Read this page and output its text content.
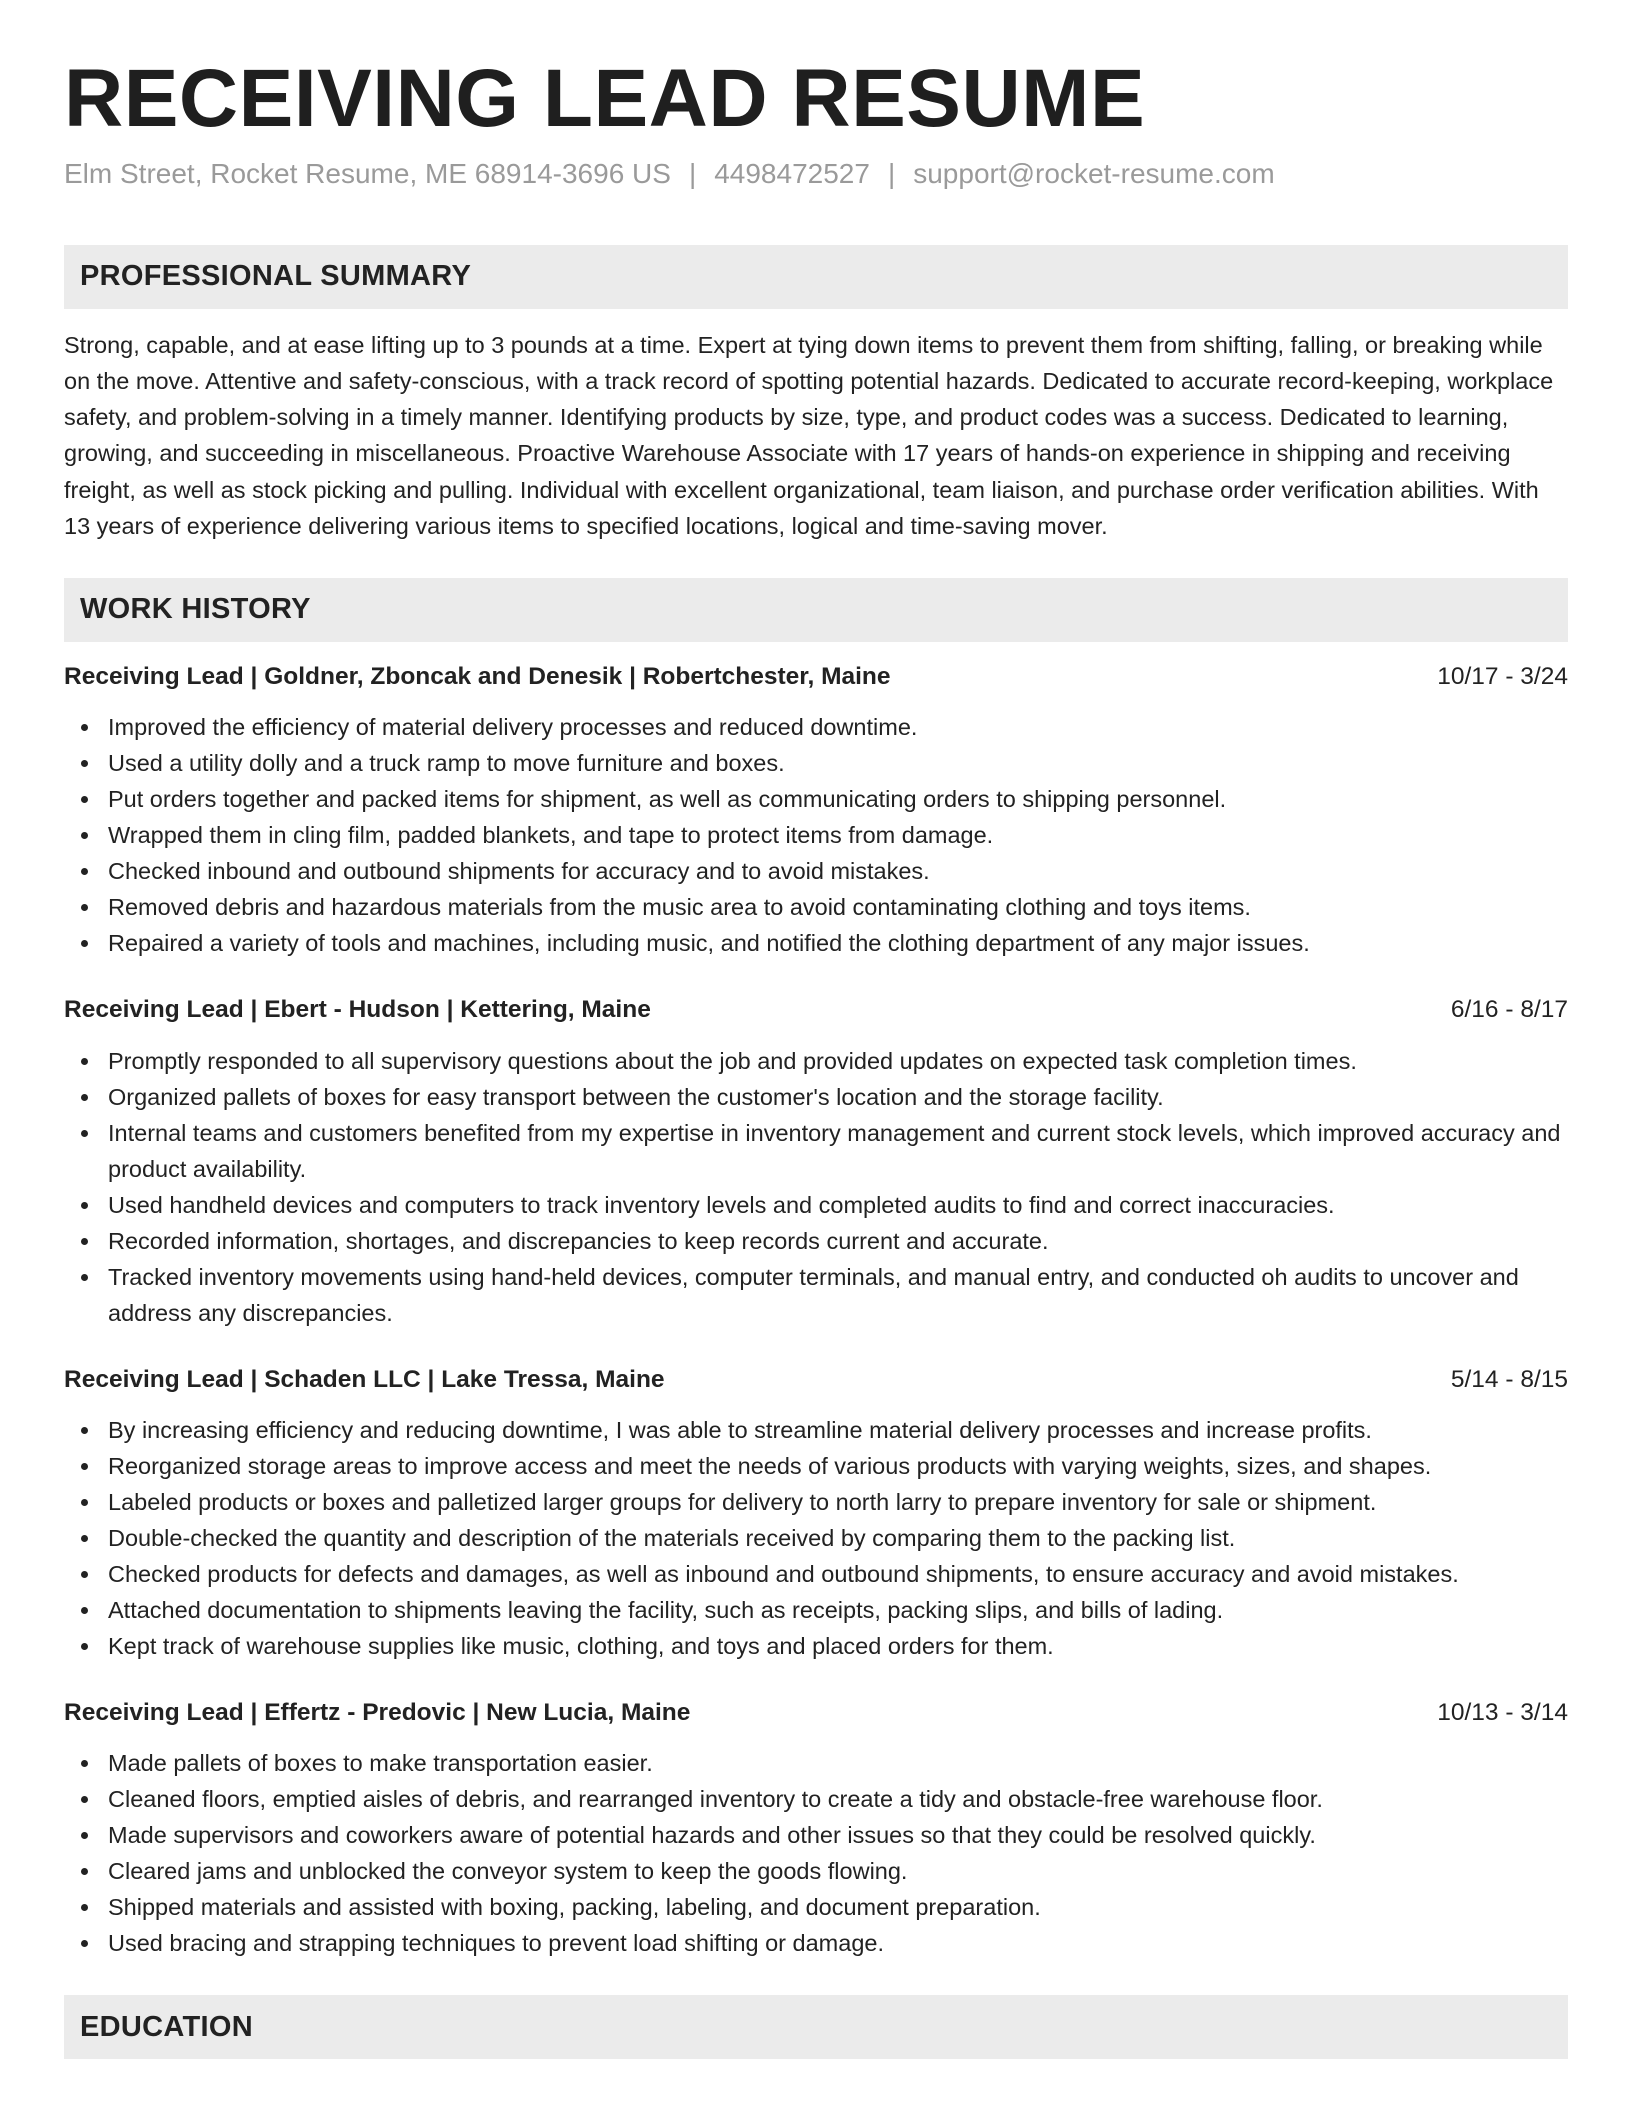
RECEIVING LEAD RESUME
Elm Street, Rocket Resume, ME 68914-3696 US | 4498472527 | support@rocket-resume.com
PROFESSIONAL SUMMARY

Strong, capable, and at ease lifting up to 3 pounds at a time. Expert at tying down items to prevent them from shifting, falling, or breaking while on the move. Attentive and safety-conscious, with a track record of spotting potential hazards. Dedicated to accurate record-keeping, workplace safety, and problem-solving in a timely manner. Identifying products by size, type, and product codes was a success. Dedicated to learning, growing, and succeeding in miscellaneous. Proactive Warehouse Associate with 17 years of hands-on experience in shipping and receiving freight, as well as stock picking and pulling. Individual with excellent organizational, team liaison, and purchase order verification abilities. With 13 years of experience delivering various items to specified locations, logical and time-saving mover.

WORK HISTORY
Receiving Lead | Goldner, Zboncak and Denesik | Robertchester, Maine	10/17 - 3/24
Improved the efficiency of material delivery processes and reduced downtime.
Used a utility dolly and a truck ramp to move furniture and boxes.
Put orders together and packed items for shipment, as well as communicating orders to shipping personnel.
Wrapped them in cling film, padded blankets, and tape to protect items from damage.
Checked inbound and outbound shipments for accuracy and to avoid mistakes.
Removed debris and hazardous materials from the music area to avoid contaminating clothing and toys items.
Repaired a variety of tools and machines, including music, and notified the clothing department of any major issues.
Receiving Lead | Ebert - Hudson | Kettering, Maine	6/16 - 8/17
Promptly responded to all supervisory questions about the job and provided updates on expected task completion times.
Organized pallets of boxes for easy transport between the customer's location and the storage facility.
Internal teams and customers benefited from my expertise in inventory management and current stock levels, which improved accuracy and product availability.
Used handheld devices and computers to track inventory levels and completed audits to find and correct inaccuracies.
Recorded information, shortages, and discrepancies to keep records current and accurate.
Tracked inventory movements using hand-held devices, computer terminals, and manual entry, and conducted oh audits to uncover and address any discrepancies.
Receiving Lead | Schaden LLC | Lake Tressa, Maine	5/14 - 8/15
By increasing efficiency and reducing downtime, I was able to streamline material delivery processes and increase profits.
Reorganized storage areas to improve access and meet the needs of various products with varying weights, sizes, and shapes.
Labeled products or boxes and palletized larger groups for delivery to north larry to prepare inventory for sale or shipment.
Double-checked the quantity and description of the materials received by comparing them to the packing list.
Checked products for defects and damages, as well as inbound and outbound shipments, to ensure accuracy and avoid mistakes.
Attached documentation to shipments leaving the facility, such as receipts, packing slips, and bills of lading.
Kept track of warehouse supplies like music, clothing, and toys and placed orders for them.
Receiving Lead | Effertz - Predovic | New Lucia, Maine	10/13 - 3/14
Made pallets of boxes to make transportation easier.
Cleaned floors, emptied aisles of debris, and rearranged inventory to create a tidy and obstacle-free warehouse floor.
Made supervisors and coworkers aware of potential hazards and other issues so that they could be resolved quickly.
Cleared jams and unblocked the conveyor system to keep the goods flowing.
Shipped materials and assisted with boxing, packing, labeling, and document preparation.
Used bracing and strapping techniques to prevent load shifting or damage.
EDUCATION
